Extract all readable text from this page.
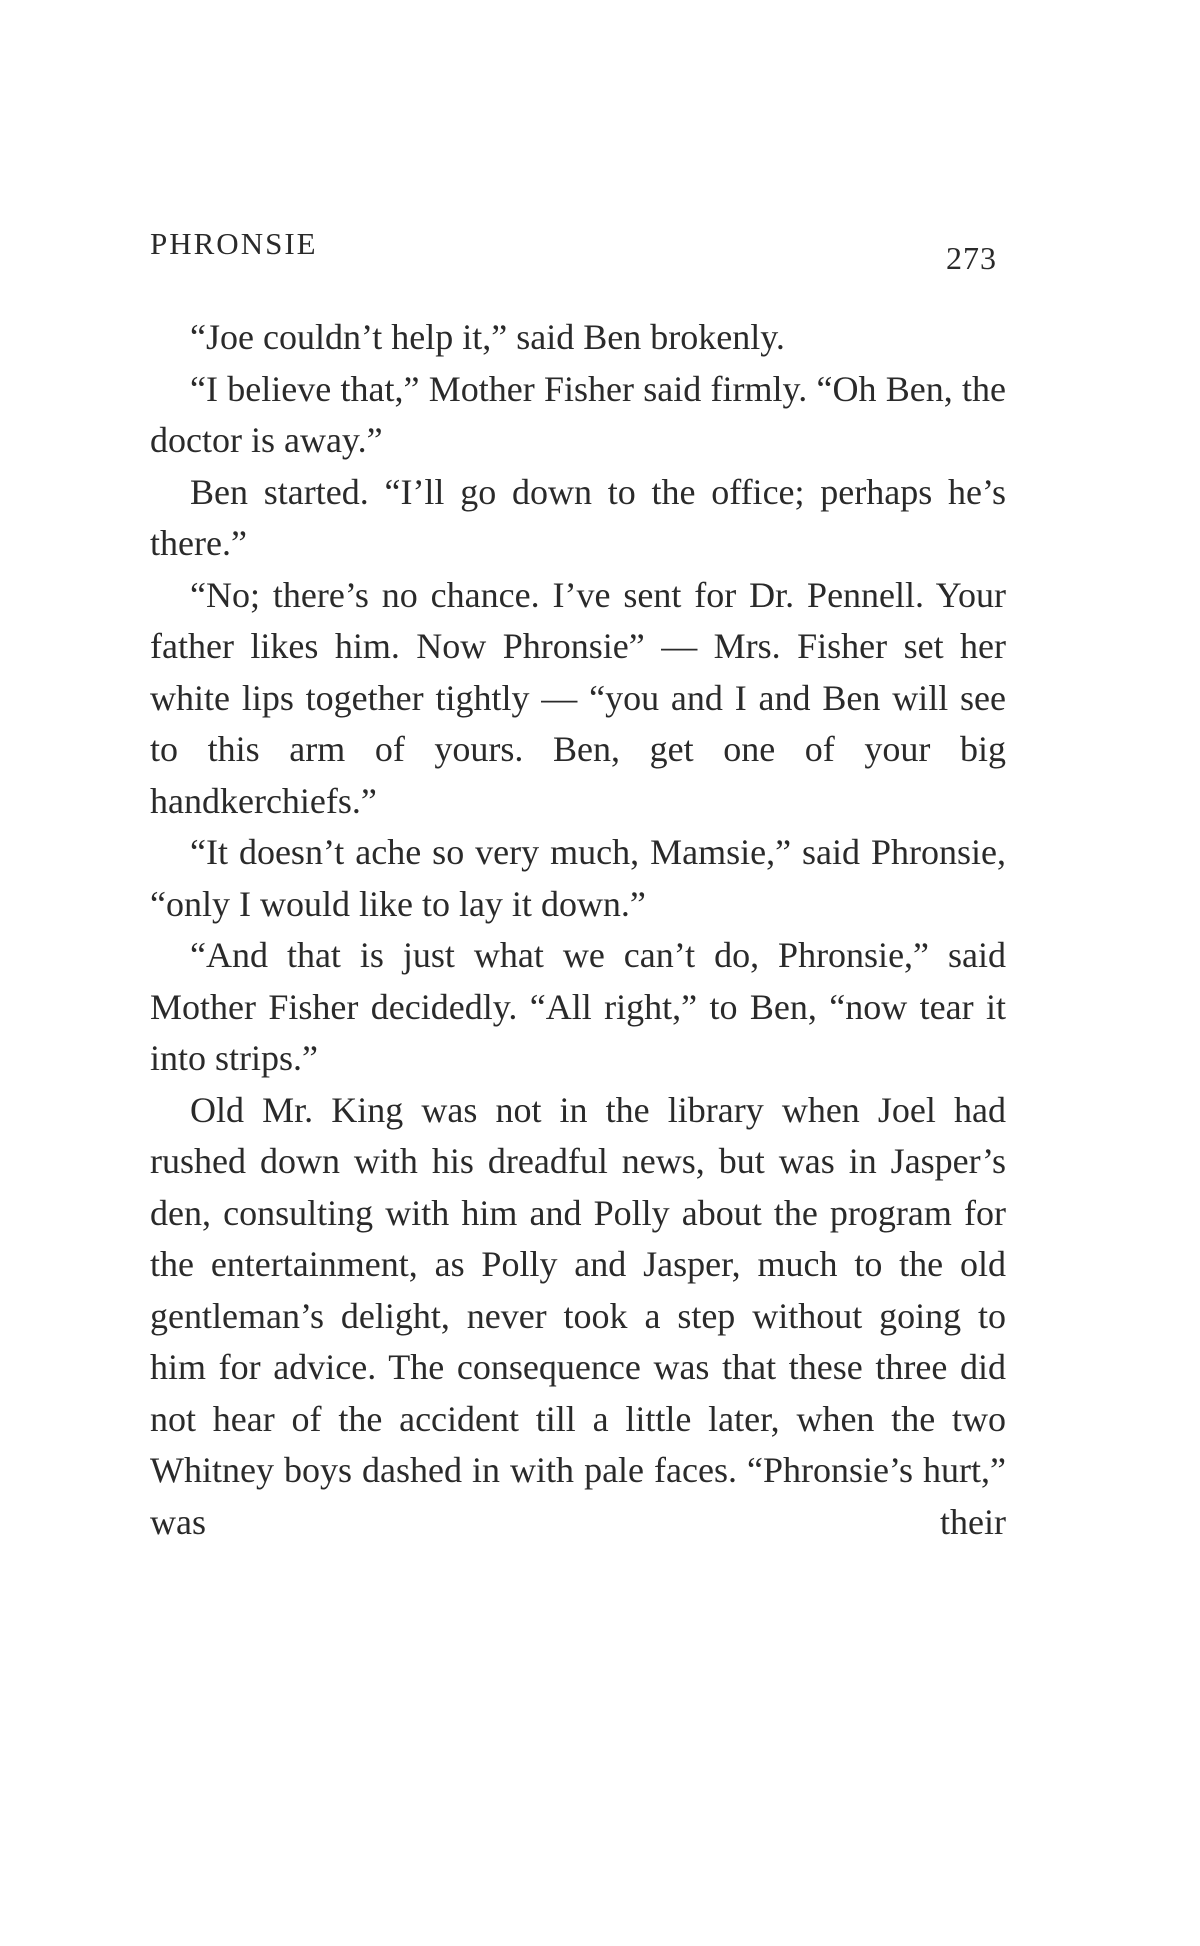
PHRONSIE	273

“Joe couldn’t help it,” said Ben brokenly.

“I believe that,” Mother Fisher said firmly. “Oh Ben, the doctor is away.”

Ben started. “I’ll go down to the office; perhaps he’s there.”

“No; there’s no chance. I’ve sent for Dr. Pennell. Your father likes him. Now Phronsie” — Mrs. Fisher set her white lips together tightly — “you and I and Ben will see to this arm of yours. Ben, get one of your big handkerchiefs.”

“It doesn’t ache so very much, Mamsie,” said Phronsie, “only I would like to lay it down.”

“And that is just what we can’t do, Phronsie,” said Mother Fisher decidedly. “All right,” to Ben, “now tear it into strips.”

Old Mr. King was not in the library when Joel had rushed down with his dreadful news, but was in Jasper’s den, consulting with him and Polly about the program for the entertainment, as Polly and Jasper, much to the old gentleman’s delight, never took a step without going to him for advice. The consequence was that these three did not hear of the accident till a little later, when the two Whitney boys dashed in with pale faces. “Phronsie’s hurt,” was their
